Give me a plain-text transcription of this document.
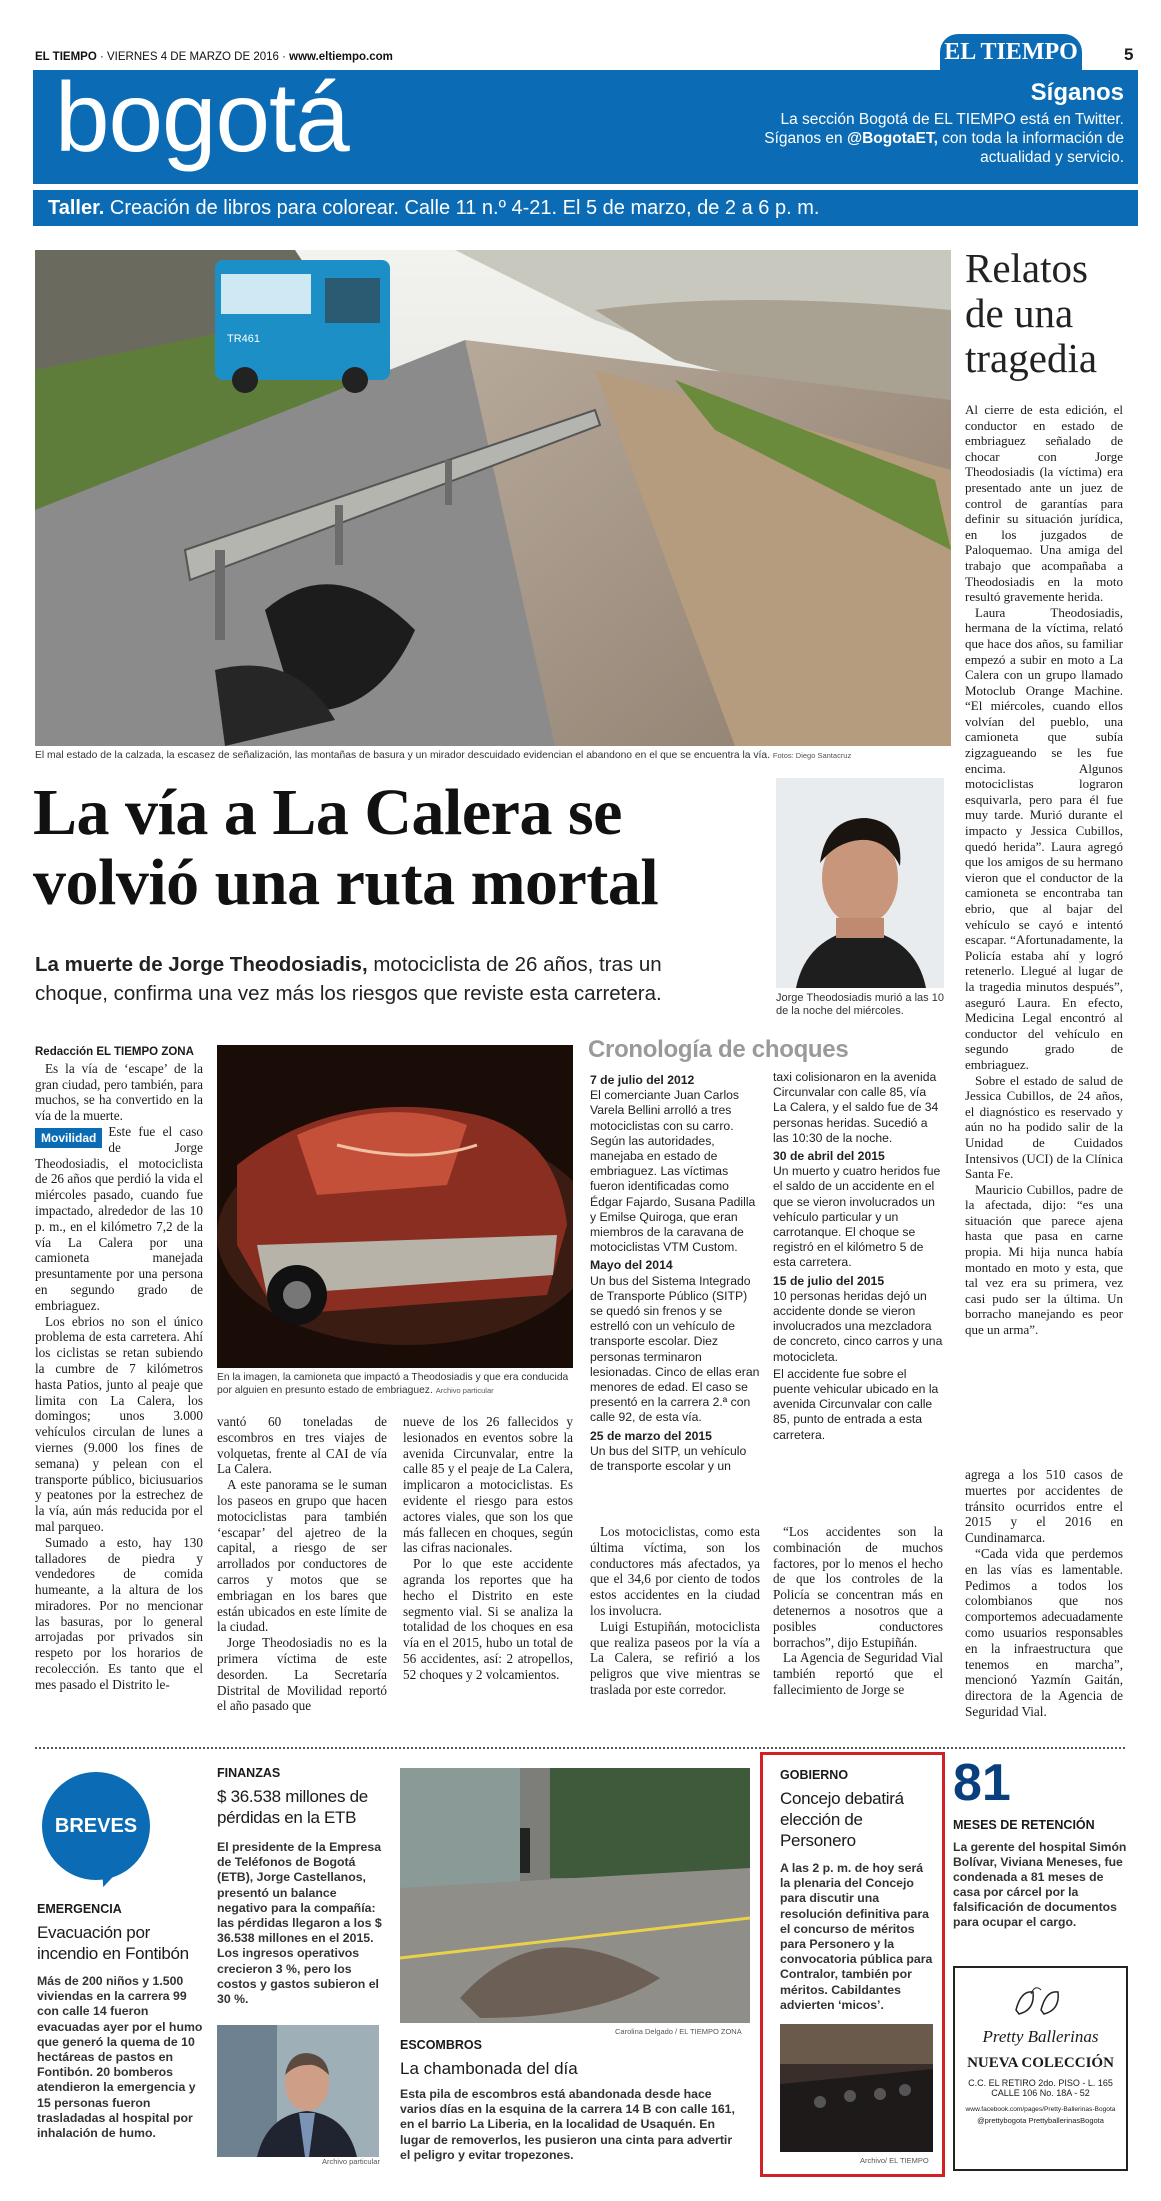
EL TIEMPO · VIERNES 4 DE MARZO DE 2016 · www.eltiempo.com	EL TIEMPO	5
bogotá	Síganos
La sección Bogotá de EL TIEMPO está en Twitter. Síganos en @BogotaET, con toda la información de actualidad y servicio.
Taller. Creación de libros para colorear. Calle 11 n.º 4-21. El 5 de marzo, de 2 a 6 p. m.
TR461
El mal estado de la calzada, la escasez de señalización, las montañas de basura y un mirador descuidado evidencian el abandono en el que se encuentra la vía. Fotos: Diego Santacruz
Relatos de una tragedia

Al cierre de esta edición, el conductor en estado de embriaguez señalado de chocar con Jorge Theodosiadis (la víctima) era presentado ante un juez de control de garantías para definir su situación jurídica, en los juzgados de Paloquemao. Una amiga del trabajo que acompañaba a Theodosiadis en la moto resultó gravemente herida.

Laura Theodosiadis, hermana de la víctima, relató que hace dos años, su familiar empezó a subir en moto a La Calera con un grupo llamado Motoclub Orange Machine. “El miércoles, cuando ellos volvían del pueblo, una camioneta que subía zigzagueando se les fue encima. Algunos motociclistas lograron esquivarla, pero para él fue muy tarde. Murió durante el impacto y Jessica Cubillos, quedó herida”. Laura agregó que los amigos de su hermano vieron que el conductor de la camioneta se encontraba tan ebrio, que al bajar del vehículo se cayó e intentó escapar. “Afortunadamente, la Policía estaba ahí y logró retenerlo. Llegué al lugar de la tragedia minutos después”, aseguró Laura. En efecto, Medicina Legal encontró al conductor del vehículo en segundo grado de embriaguez.

Sobre el estado de salud de Jessica Cubillos, de 24 años, el diagnóstico es reservado y aún no ha podido salir de la Unidad de Cuidados Intensivos (UCI) de la Clínica Santa Fe.

Mauricio Cubillos, padre de la afectada, dijo: “es una situación que parece ajena hasta que pasa en carne propia. Mi hija nunca había montado en moto y esta, que tal vez era su primera, vez casi pudo ser la última. Un borracho manejando es peor que un arma”.

La vía a La Calera se
volvió una ruta mortal
La muerte de Jorge Theodosiadis, motociclista de 26 años, tras un choque, confirma una vez más los riesgos que reviste esta carretera.	Jorge Theodosiadis murió a las 10 de la noche del miércoles.
Redacción EL TIEMPO ZONA

Es la vía de ‘escape’ de la gran ciudad, pero también, para muchos, se ha convertido en la vía de la muerte.

Movilidad Este fue el caso de Jorge Theodosiadis, el motociclista de 26 años que perdió la vida el miércoles pasado, cuando fue impactado, alrededor de las 10 p. m., en el kilómetro 7,2 de la vía La Calera por una camioneta manejada presuntamente por una persona en segundo grado de embriaguez.

Los ebrios no son el único problema de esta carretera. Ahí los ciclistas se retan subiendo la cumbre de 7 kilómetros hasta Patios, junto al peaje que limita con La Calera, los domingos; unos 3.000 vehículos circulan de lunes a viernes (9.000 los fines de semana) y pelean con el transporte público, biciusuarios y peatones por la estrechez de la vía, aún más reducida por el mal parqueo.

Sumado a esto, hay 130 talladores de piedra y vendedores de comida humeante, a la altura de los miradores. Por no mencionar las basuras, por lo general arrojadas por privados sin respeto por los horarios de recolección. Es tanto que el mes pasado el Distrito le-

En la imagen, la camioneta que impactó a Theodosiadis y que era conducida por alguien en presunto estado de embriaguez. Archivo particular

vantó 60 toneladas de escombros en tres viajes de volquetas, frente al CAI de vía La Calera.

A este panorama se le suman los paseos en grupo que hacen motociclistas para también ‘escapar’ del ajetreo de la capital, a riesgo de ser arrollados por conductores de carros y motos que se embriagan en los bares que están ubicados en este límite de la ciudad.

Jorge Theodosiadis no es la primera víctima de este desorden. La Secretaría Distrital de Movilidad reportó el año pasado que

nueve de los 26 fallecidos y lesionados en eventos sobre la avenida Circunvalar, entre la calle 85 y el peaje de La Calera, implicaron a motociclistas. Es evidente el riesgo para estos actores viales, que son los que más fallecen en choques, según las cifras nacionales.

Por lo que este accidente agranda los reportes que ha hecho el Distrito en este segmento vial. Si se analiza la totalidad de los choques en esa vía en el 2015, hubo un total de 56 accidentes, así: 2 atropellos, 52 choques y 2 volcamientos.

Cronología de choques
7 de julio del 2012
El comerciante Juan Carlos Varela Bellini arrolló a tres motociclistas con su carro. Según las autoridades, manejaba en estado de embriaguez. Las víctimas fueron identificadas como Édgar Fajardo, Susana Padilla y Emilse Quiroga, que eran miembros de la caravana de motociclistas VTM Custom.
Mayo del 2014
Un bus del Sistema Integrado de Transporte Público (SITP) se quedó sin frenos y se estrelló con un vehículo de transporte escolar. Diez personas terminaron lesionadas. Cinco de ellas eran menores de edad. El caso se presentó en la carrera 2.ª con calle 92, de esta vía.
25 de marzo del 2015
Un bus del SITP, un vehículo de transporte escolar y un
taxi colisionaron en la avenida Circunvalar con calle 85, vía La Calera, y el saldo fue de 34 personas heridas. Sucedió a las 10:30 de la noche.
30 de abril del 2015
Un muerto y cuatro heridos fue el saldo de un accidente en el que se vieron involucrados un vehículo particular y un carrotanque. El choque se registró en el kilómetro 5 de esta carretera.
15 de julio del 2015
10 personas heridas dejó un accidente donde se vieron involucrados una mezcladora de concreto, cinco carros y una motocicleta.
El accidente fue sobre el puente vehicular ubicado en la avenida Circunvalar con calle 85, punto de entrada a esta carretera.

Los motociclistas, como esta última víctima, son los conductores más afectados, ya que el 34,6 por ciento de todos estos accidentes en la ciudad los involucra.

Luigi Estupiñán, motociclista que realiza paseos por la vía a La Calera, se refirió a los peligros que vive mientras se traslada por este corredor.

“Los accidentes son la combinación de muchos factores, por lo menos el hecho de que los controles de la Policía se concentran más en detenernos a nosotros que a posibles conductores borrachos”, dijo Estupiñán.

La Agencia de Seguridad Vial también reportó que el fallecimiento de Jorge se

agrega a los 510 casos de muertes por accidentes de tránsito ocurridos entre el 2015 y el 2016 en Cundinamarca.

“Cada vida que perdemos en las vías es lamentable. Pedimos a todos los colombianos que nos comportemos adecuadamente como usuarios responsables en la infraestructura que tenemos en marcha”, mencionó Yazmín Gaitán, directora de la Agencia de Seguridad Vial.

BREVES
EMERGENCIA
Evacuación por incendio en Fontibón
Más de 200 niños y 1.500 viviendas en la carrera 99 con calle 14 fueron evacuadas ayer por el humo que generó la quema de 10 hectáreas de pastos en Fontibón. 20 bomberos atendieron la emergencia y 15 personas fueron trasladadas al hospital por inhalación de humo.
FINANZAS
$ 36.538 millones de pérdidas en la ETB
El presidente de la Empresa de Teléfonos de Bogotá (ETB), Jorge Castellanos, presentó un balance negativo para la compañía: las pérdidas llegaron a los $ 36.538 millones en el 2015. Los ingresos operativos crecieron 3 %, pero los costos y gastos subieron el 30 %.
Archivo particular
Carolina Delgado / EL TIEMPO ZONA
ESCOMBROS
La chambonada del día
Esta pila de escombros está abandonada desde hace varios días en la esquina de la carrera 14 B con calle 161, en el barrio La Liberia, en la localidad de Usaquén. En lugar de removerlos, les pusieron una cinta para advertir el peligro y evitar tropezones.
GOBIERNO
Concejo debatirá elección de Personero
A las 2 p. m. de hoy será la plenaria del Concejo para discutir una resolución definitiva para el concurso de méritos para Personero y la convocatoria pública para Contralor, también por méritos. Cabildantes advierten ‘micos’.
Archivo/ EL TIEMPO
81
MESES DE RETENCIÓN
La gerente del hospital Simón Bolívar, Viviana Meneses, fue condenada a 81 meses de casa por cárcel por la falsificación de documentos para ocupar el cargo.
Pretty Ballerinas
NUEVA COLECCIÓN
C.C. EL RETIRO 2do. PISO - L. 165
CALLE 106 No. 18A - 52
www.facebook.com/pages/Pretty-Ballerinas-Bogota
@prettybogota PrettyballerinasBogota
